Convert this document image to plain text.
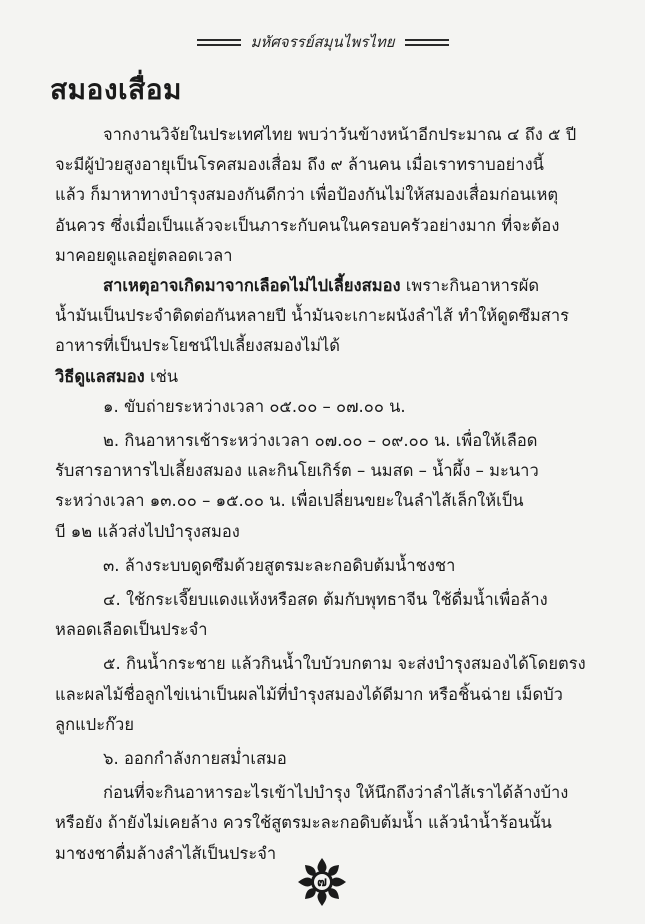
มหัศจรรย์สมุนไพรไทย
สมองเสื่อม
จากงานวิจัยในประเทศไทย พบว่าวันข้างหน้าอีกประมาณ ๔ ถึง ๕ ปี
จะมีผู้ป่วยสูงอายุเป็นโรคสมองเสื่อม ถึง ๙ ล้านคน เมื่อเราทราบอย่างนี้
แล้ว ก็มาหาทางบำรุงสมองกันดีกว่า เพื่อป้องกันไม่ให้สมองเสื่อมก่อนเหตุ
อันควร ซึ่งเมื่อเป็นแล้วจะเป็นภาระกับคนในครอบครัวอย่างมาก ที่จะต้อง
มาคอยดูแลอยู่ตลอดเวลา
สาเหตุอาจเกิดมาจากเลือดไม่ไปเลี้ยงสมอง เพราะกินอาหารผัด
น้ำมันเป็นประจำติดต่อกันหลายปี น้ำมันจะเกาะผนังลำไส้ ทำให้ดูดซึมสาร
อาหารที่เป็นประโยชน์ไปเลี้ยงสมองไม่ได้
วิธีดูแลสมอง เช่น
๑. ขับถ่ายระหว่างเวลา ๐๕.๐๐ – ๐๗.๐๐ น.
๒. กินอาหารเช้าระหว่างเวลา ๐๗.๐๐ – ๐๙.๐๐ น. เพื่อให้เลือด
รับสารอาหารไปเลี้ยงสมอง และกินโยเกิร์ต – นมสด – น้ำผึ้ง – มะนาว
ระหว่างเวลา ๑๓.๐๐ – ๑๕.๐๐ น. เพื่อเปลี่ยนขยะในลำไส้เล็กให้เป็น
บี ๑๒ แล้วส่งไปบำรุงสมอง
๓. ล้างระบบดูดซึมด้วยสูตรมะละกอดิบต้มน้ำชงชา
๔. ใช้กระเจี๊ยบแดงแห้งหรือสด ต้มกับพุทธาจีน ใช้ดื่มน้ำเพื่อล้าง
หลอดเลือดเป็นประจำ
๕. กินน้ำกระชาย แล้วกินน้ำใบบัวบกตาม จะส่งบำรุงสมองได้โดยตรง
และผลไม้ชื่อลูกไข่เน่าเป็นผลไม้ที่บำรุงสมองได้ดีมาก หรือชิ้นฉ่าย เม็ดบัว
ลูกแปะก๊วย
๖. ออกกำลังกายสม่ำเสมอ
ก่อนที่จะกินอาหารอะไรเข้าไปบำรุง ให้นึกถึงว่าลำไส้เราได้ล้างบ้าง
หรือยัง ถ้ายังไม่เคยล้าง ควรใช้สูตรมะละกอดิบต้มน้ำ แล้วนำน้ำร้อนนั้น
มาชงชาดื่มล้างลำไส้เป็นประจำ
๗
